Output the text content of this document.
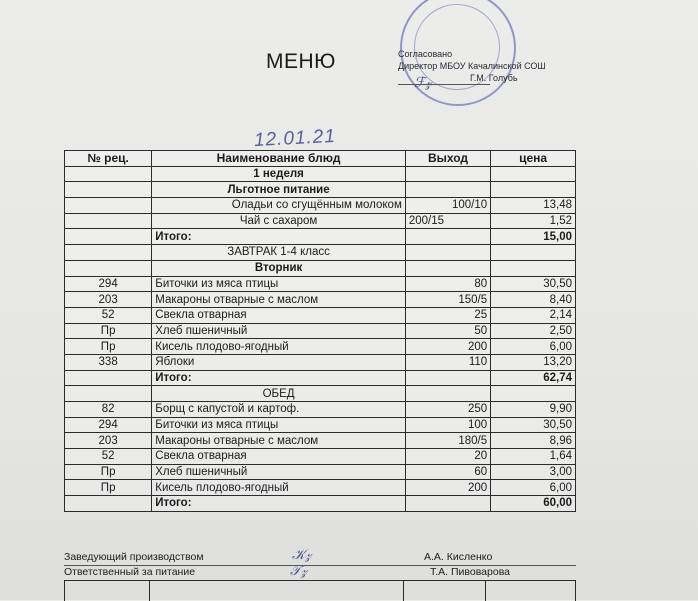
МЕНЮ	Согласовано
Директор МБОУ Качалинской СОШ
Г.М. Голубь
ℱ𝓏
12.01.21
№ рец.	Наименование блюд	Выход	цена
	1 неделя		
	Льготное питание		
	Оладьи со сгущённым молоком	100/10	13,48
	Чай с сахаром	200/15	1,52
	Итого:		15,00
	ЗАВТРАК 1-4 класс		
	Вторник		
294	Биточки из мяса птицы	80	30,50
203	Макароны отварные с маслом	150/5	8,40
52	Свекла отварная	25	2,14
Пр	Хлеб пшеничный	50	2,50
Пр	Кисель плодово-ягодный	200	6,00
338	Яблоки	110	13,20
	Итого:		62,74
	ОБЕД		
82	Борщ с капустой и картоф.	250	9,90
294	Биточки из мяса птицы	100	30,50
203	Макароны отварные с маслом	180/5	8,96
52	Свекла отварная	20	1,64
Пр	Хлеб пшеничный	60	3,00
Пр	Кисель плодово-ягодный	200	6,00
	Итого:		60,00
Заведующий производством	А.А. Кисленко
𝒦𝓏
Ответственный за питание	Т.А. Пивоварова
𝒯𝓏
